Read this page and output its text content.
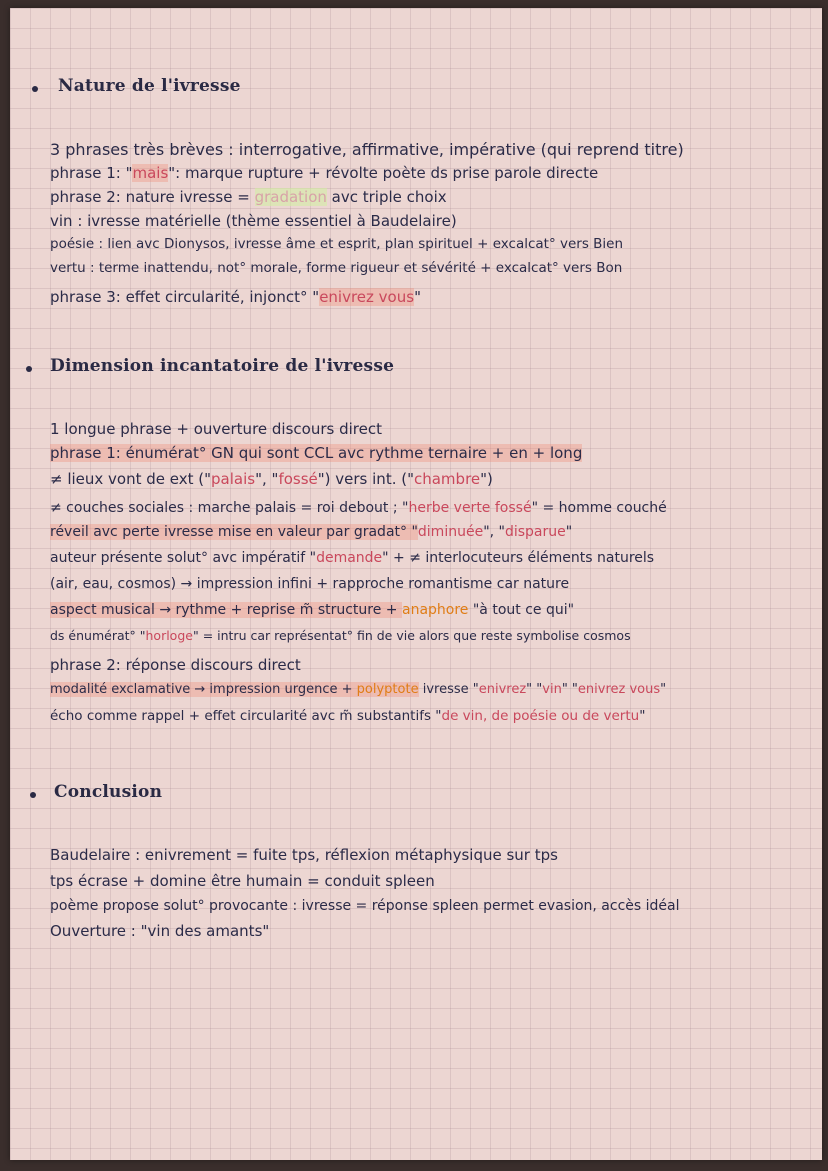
Nature de l'ivresse
3 phrases très brèves : interrogative, affirmative, impérative (qui reprend titre)
phrase 1: "mais": marque rupture + révolte poète ds prise parole directe
phrase 2: nature ivresse = gradation avc triple choix
vin : ivresse matérielle (thème essentiel à Baudelaire)
poésie : lien avc Dionysos, ivresse âme et esprit, plan spirituel + excalcat° vers Bien
vertu : terme inattendu, not° morale, forme rigueur et sévérité + excalcat° vers Bon
phrase 3: effet circularité, injonct° "enivrez vous"
Dimension incantatoire de l'ivresse
1 longue phrase + ouverture discours direct
phrase 1: énumérat° GN qui sont CCL avc rythme ternaire + en + long
≠ lieux vont de ext ("palais", "fossé") vers int. ("chambre")
≠ couches sociales : marche palais = roi debout ; "herbe verte fossé" = homme couché
réveil avc perte ivresse mise en valeur par gradat° "diminuée", "disparue"
auteur présente solut° avc impératif "demande" + ≠ interlocuteurs éléments naturels
(air, eau, cosmos) → impression infini + rapproche romantisme car nature
aspect musical → rythme + reprise m̃ structure + anaphore "à tout ce qui"
ds énumérat° "horloge" = intru car représentat° fin de vie alors que reste symbolise cosmos
phrase 2: réponse discours direct
modalité exclamative → impression urgence + polyptote ivresse "enivrez" "vin" "enivrez vous"
écho comme rappel + effet circularité avc m̃ substantifs "de vin, de poésie ou de vertu"
Conclusion
Baudelaire : enivrement = fuite tps, réflexion métaphysique sur tps
tps écrase + domine être humain = conduit spleen
poème propose solut° provocante : ivresse = réponse spleen permet evasion, accès idéal
Ouverture : "vin des amants"
